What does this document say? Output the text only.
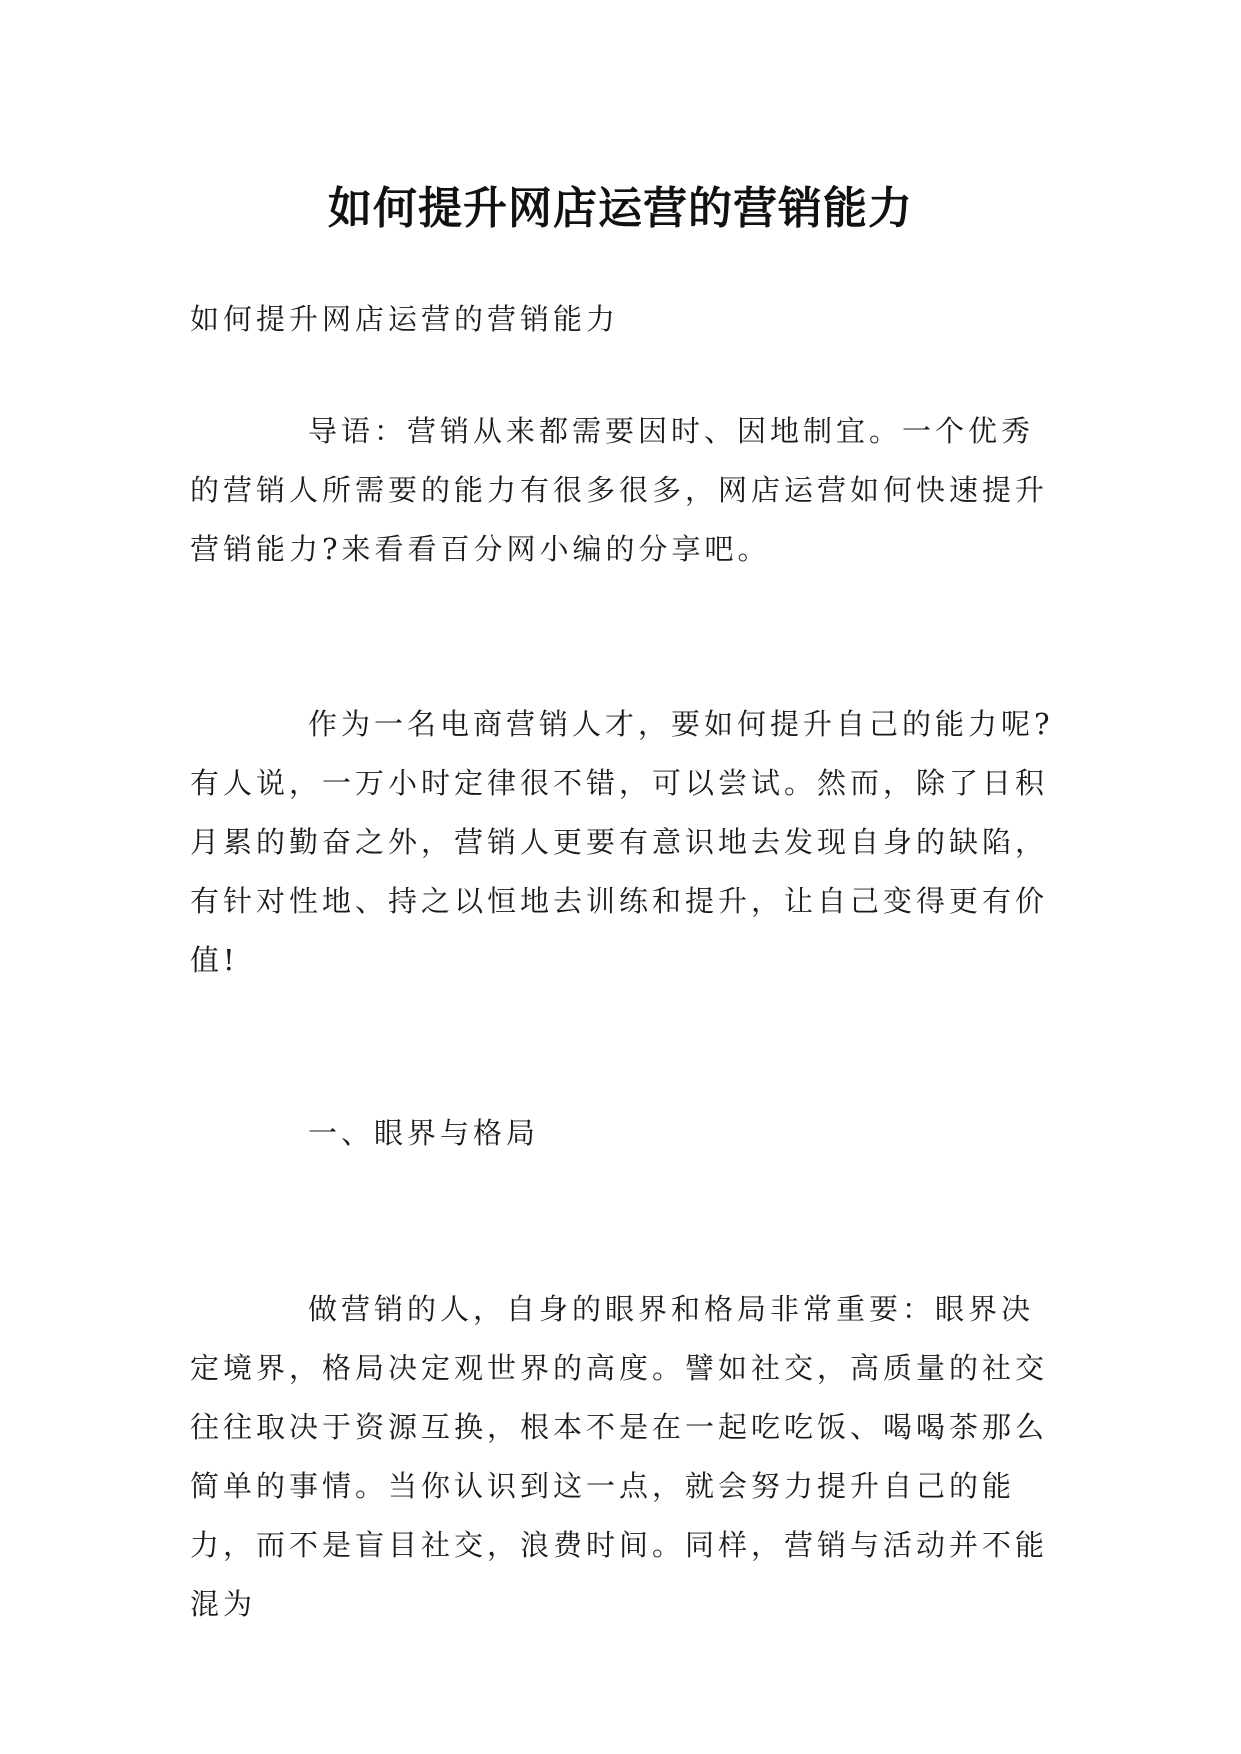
如何提升网店运营的营销能力

如何提升网店运营的营销能力

导语：营销从来都需要因时、因地制宜。一个优秀的营销人所需要的能力有很多很多，网店运营如何快速提升营销能力?来看看百分网小编的分享吧。

作为一名电商营销人才，要如何提升自己的能力呢?有人说，一万小时定律很不错，可以尝试。然而，除了日积月累的勤奋之外，营销人更要有意识地去发现自身的缺陷，有针对性地、持之以恒地去训练和提升，让自己变得更有价值!

一、眼界与格局

做营销的人，自身的眼界和格局非常重要：眼界决定境界，格局决定观世界的高度。譬如社交，高质量的社交往往取决于资源互换，根本不是在一起吃吃饭、喝喝茶那么简单的事情。当你认识到这一点，就会努力提升自己的能力，而不是盲目社交，浪费时间。同样，营销与活动并不能混为
